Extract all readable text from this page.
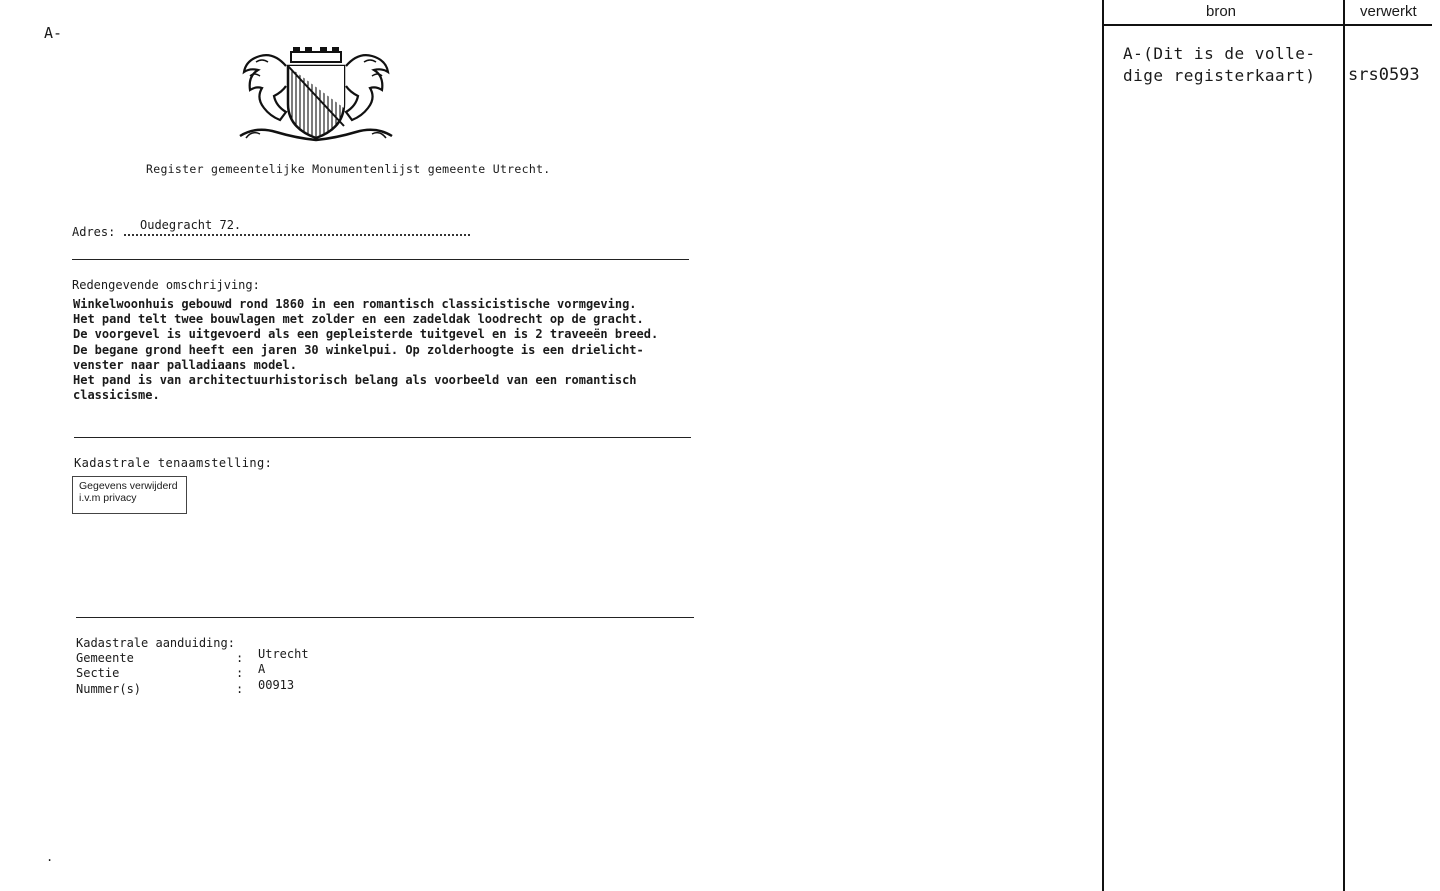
A-
Register gemeentelijke Monumentenlijst gemeente Utrecht.
Adres: Oudegracht 72.
Redengevende omschrijving:
Winkelwoonhuis gebouwd rond 1860 in een romantisch classicistische vormgeving.
Het pand telt twee bouwlagen met zolder en een zadeldak loodrecht op de gracht.
De voorgevel is uitgevoerd als een gepleisterde tuitgevel en is 2 traveeën breed.
De begane grond heeft een jaren 30 winkelpui. Op zolderhoogte is een drielicht-
venster naar palladiaans model.
Het pand is van architectuurhistorisch belang als voorbeeld van een romantisch
classicisme.
Kadastrale tenaamstelling:
Gegevens verwijderd
i.v.m privacy
Kadastrale aanduiding:
Gemeente	:	Utrecht
Sectie	:	A
Nummer(s)	:	00913
.
bron	verwerkt
A-(Dit is de volle-
dige registerkaart) srs0593
